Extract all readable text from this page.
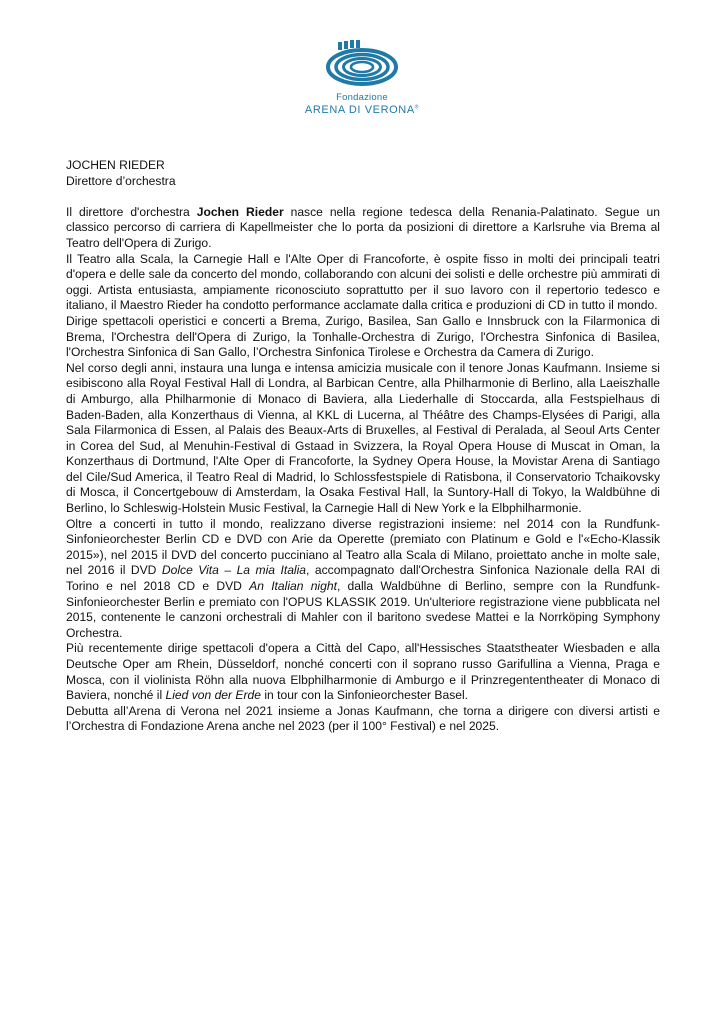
Fondazione
ARENA DI VERONA®

JOCHEN RIEDER

Direttore d’orchestra

Il direttore d'orchestra Jochen Rieder nasce nella regione tedesca della Renania-Palatinato. Segue un classico percorso di carriera di Kapellmeister che lo porta da posizioni di direttore a Karlsruhe via Brema al Teatro dell'Opera di Zurigo.

Il Teatro alla Scala, la Carnegie Hall e l'Alte Oper di Francoforte, è ospite fisso in molti dei principali teatri d'opera e delle sale da concerto del mondo, collaborando con alcuni dei solisti e delle orchestre più ammirati di oggi. Artista entusiasta, ampiamente riconosciuto soprattutto per il suo lavoro con il repertorio tedesco e italiano, il Maestro Rieder ha condotto performance acclamate dalla critica e produzioni di CD in tutto il mondo.

Dirige spettacoli operistici e concerti a Brema, Zurigo, Basilea, San Gallo e Innsbruck con la Filarmonica di Brema, l'Orchestra dell'Opera di Zurigo, la Tonhalle-Orchestra di Zurigo, l'Orchestra Sinfonica di Basilea, l'Orchestra Sinfonica di San Gallo, l’Orchestra Sinfonica Tirolese e Orchestra da Camera di Zurigo.

Nel corso degli anni, instaura una lunga e intensa amicizia musicale con il tenore Jonas Kaufmann. Insieme si esibiscono alla Royal Festival Hall di Londra, al Barbican Centre, alla Philharmonie di Berlino, alla Laeiszhalle di Amburgo, alla Philharmonie di Monaco di Baviera, alla Liederhalle di Stoccarda, alla Festspielhaus di Baden-Baden, alla Konzerthaus di Vienna, al KKL di Lucerna, al Théâtre des Champs-Elysées di Parigi, alla Sala Filarmonica di Essen, al Palais des Beaux-Arts di Bruxelles, al Festival di Peralada, al Seoul Arts Center in Corea del Sud, al Menuhin-Festival di Gstaad in Svizzera, la Royal Opera House di Muscat in Oman, la Konzerthaus di Dortmund, l'Alte Oper di Francoforte, la Sydney Opera House, la Movistar Arena di Santiago del Cile/Sud America, il Teatro Real di Madrid, lo Schlossfestspiele di Ratisbona, il Conservatorio Tchaikovsky di Mosca, il Concertgebouw di Amsterdam, la Osaka Festival Hall, la Suntory-Hall di Tokyo, la Waldbühne di Berlino, lo Schleswig-Holstein Music Festival, la Carnegie Hall di New York e la Elbphilharmonie.

Oltre a concerti in tutto il mondo, realizzano diverse registrazioni insieme: nel 2014 con la Rundfunk-Sinfonieorchester Berlin CD e DVD con Arie da Operette (premiato con Platinum e Gold e l'«Echo-Klassik 2015»), nel 2015 il DVD del concerto pucciniano al Teatro alla Scala di Milano, proiettato anche in molte sale, nel 2016 il DVD Dolce Vita – La mia Italia, accompagnato dall'Orchestra Sinfonica Nazionale della RAI di Torino e nel 2018 CD e DVD An Italian night, dalla Waldbühne di Berlino, sempre con la Rundfunk-Sinfonieorchester Berlin e premiato con l'OPUS KLASSIK 2019. Un'ulteriore registrazione viene pubblicata nel 2015, contenente le canzoni orchestrali di Mahler con il baritono svedese Mattei e la Norrköping Symphony Orchestra.

Più recentemente dirige spettacoli d'opera a Città del Capo, all'Hessisches Staatstheater Wiesbaden e alla Deutsche Oper am Rhein, Düsseldorf, nonché concerti con il soprano russo Garifullina a Vienna, Praga e Mosca, con il violinista Röhn alla nuova Elbphilharmonie di Amburgo e il Prinzregententheater di Monaco di Baviera, nonché il Lied von der Erde in tour con la Sinfonieorchester Basel.

Debutta all’Arena di Verona nel 2021 insieme a Jonas Kaufmann, che torna a dirigere con diversi artisti e l’Orchestra di Fondazione Arena anche nel 2023 (per il 100° Festival) e nel 2025.
